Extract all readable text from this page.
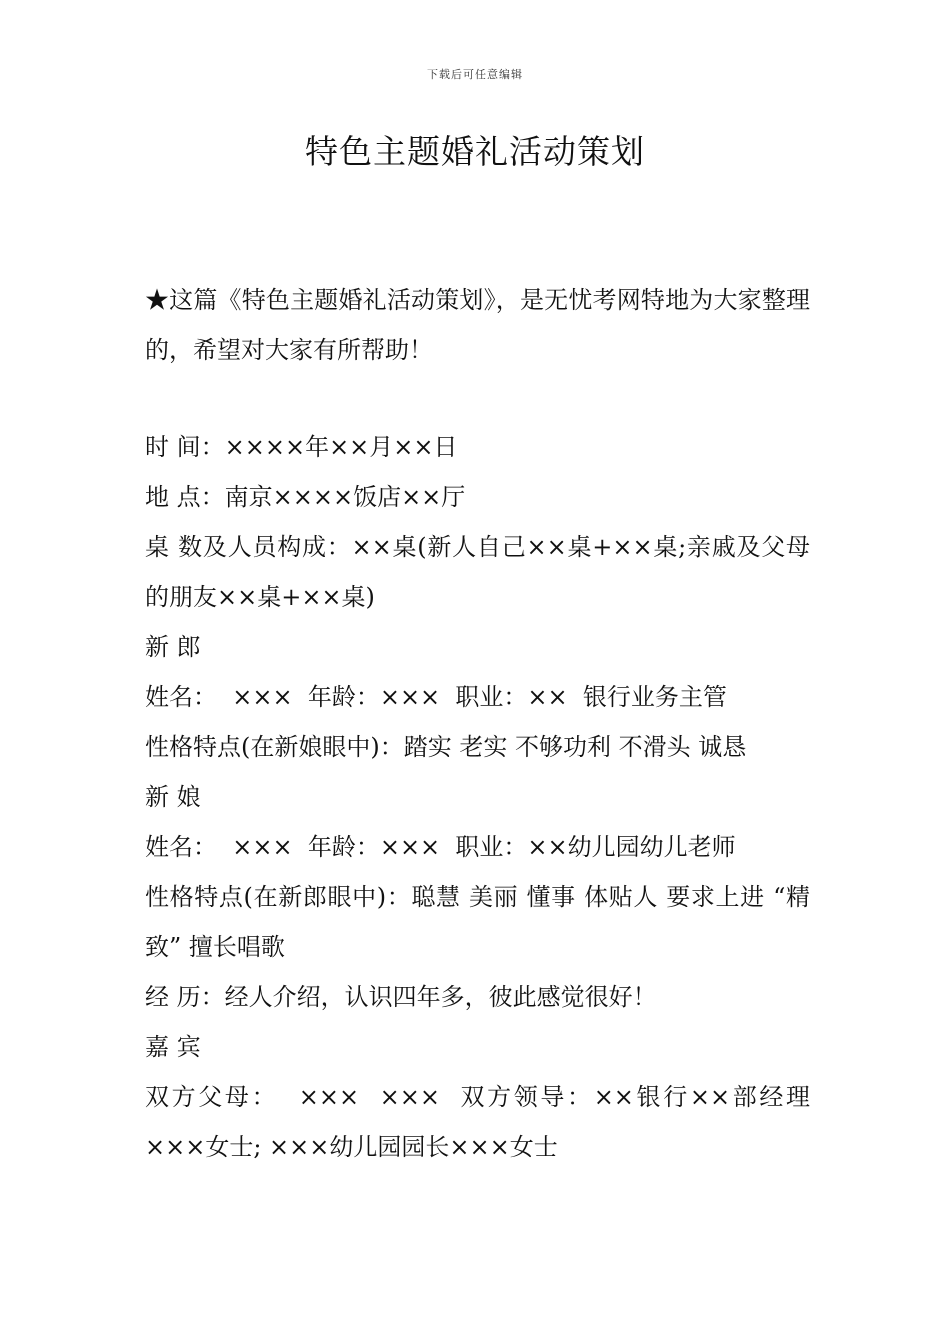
下载后可任意编辑
特色主题婚礼活动策划
★这篇《特色主题婚礼活动策划》，是无忧考网特地为大家整理的，希望对大家有所帮助！
时 间：××××年××月××日
地 点：南京××××饭店××厅
桌 数及人员构成：××桌(新人自己××桌+××桌;亲戚及父母的朋友××桌+××桌)
新 郎
姓名：  ×××  年龄：×××  职业：××  银行业务主管
性格特点(在新娘眼中)：踏实 老实 不够功利 不滑头 诚恳
新 娘
姓名：  ×××  年龄：×××  职业：××幼儿园幼儿老师
性格特点(在新郎眼中)：聪慧 美丽 懂事 体贴人 要求上进 “精致” 擅长唱歌
经 历：经人介绍，认识四年多，彼此感觉很好！
嘉 宾
双方父母：  ×××  ×××  双方领导：××银行××部经理×××女士; ×××幼儿园园长×××女士
